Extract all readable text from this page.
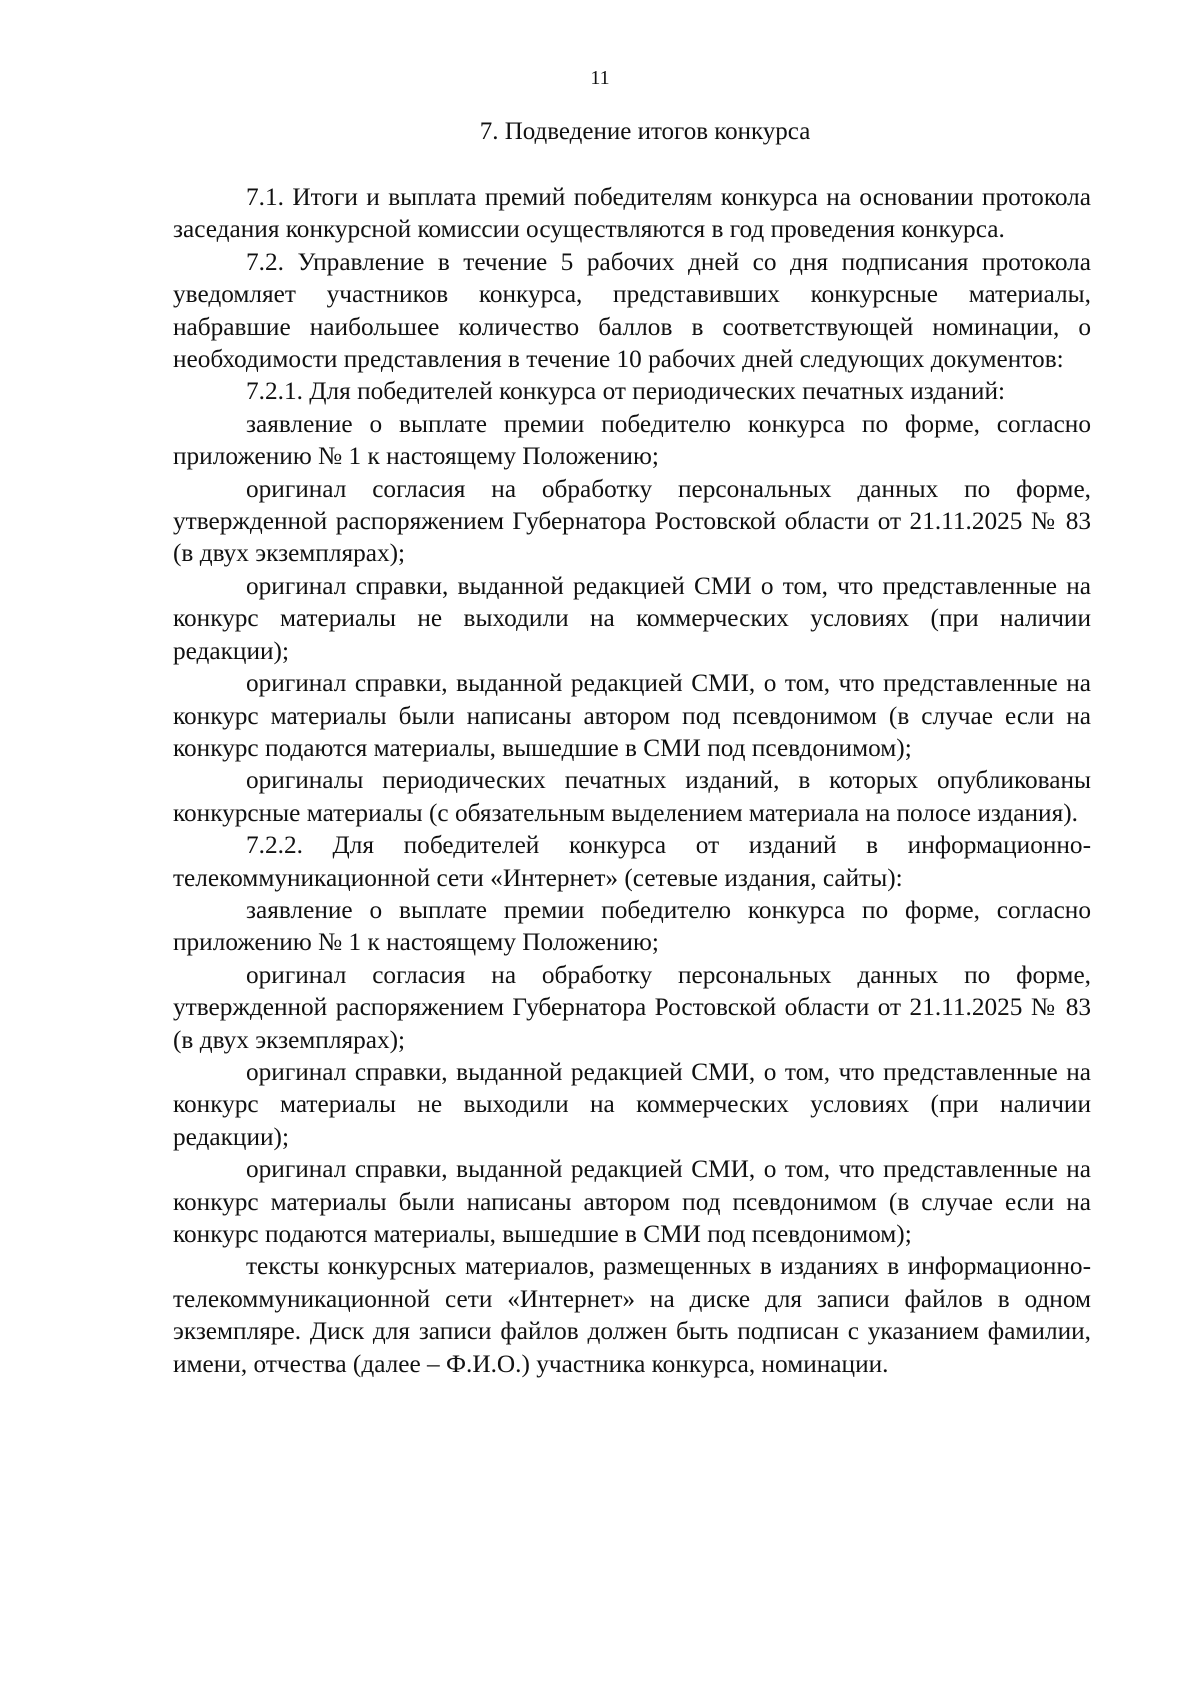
11
7. Подведение итогов конкурса

7.1. Итоги и выплата премий победителям конкурса на основании протокола заседания конкурсной комиссии осуществляются в год проведения конкурса.

7.2. Управление в течение 5 рабочих дней со дня подписания протокола уведомляет участников конкурса, представивших конкурсные материалы, набравшие наибольшее количество баллов в соответствующей номинации, о необходимости представления в течение 10 рабочих дней следующих документов:

7.2.1. Для победителей конкурса от периодических печатных изданий:

заявление о выплате премии победителю конкурса по форме, согласно приложению № 1 к настоящему Положению;

оригинал согласия на обработку персональных данных по форме, утвержденной распоряжением Губернатора Ростовской области от 21.11.2025 № 83 (в двух экземплярах);

оригинал справки, выданной редакцией СМИ о том, что представленные на конкурс материалы не выходили на коммерческих условиях (при наличии редакции);

оригинал справки, выданной редакцией СМИ, о том, что представленные на конкурс материалы были написаны автором под псевдонимом (в случае если на конкурс подаются материалы, вышедшие в СМИ под псевдонимом);

оригиналы периодических печатных изданий, в которых опубликованы конкурсные материалы (с обязательным выделением материала на полосе издания).

7.2.2. Для победителей конкурса от изданий в информационно-телекоммуникационной сети «Интернет» (сетевые издания, сайты):

заявление о выплате премии победителю конкурса по форме, согласно приложению № 1 к настоящему Положению;

оригинал согласия на обработку персональных данных по форме, утвержденной распоряжением Губернатора Ростовской области от 21.11.2025 № 83 (в двух экземплярах);

оригинал справки, выданной редакцией СМИ, о том, что представленные на конкурс материалы не выходили на коммерческих условиях (при наличии редакции);

оригинал справки, выданной редакцией СМИ, о том, что представленные на конкурс материалы были написаны автором под псевдонимом (в случае если на конкурс подаются материалы, вышедшие в СМИ под псевдонимом);

тексты конкурсных материалов, размещенных в изданиях в информационно-телекоммуникационной сети «Интернет» на диске для записи файлов в одном экземпляре. Диск для записи файлов должен быть подписан с указанием фамилии, имени, отчества (далее – Ф.И.О.) участника конкурса, номинации.
